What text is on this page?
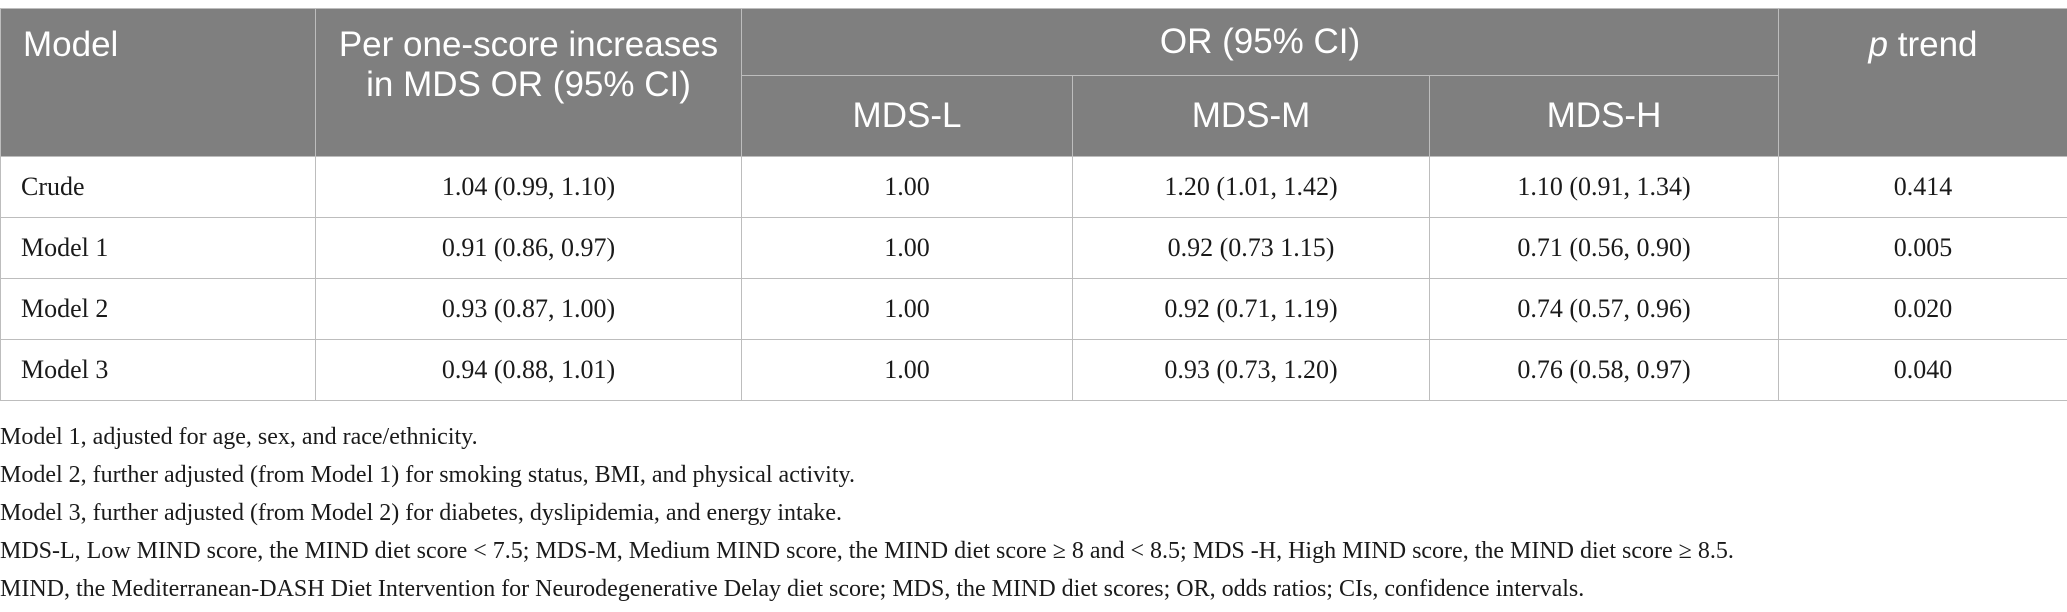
Model	Per one-score increases in MDS OR (95% CI)	OR (95% CI)			p trend
		MDS-L	MDS-M	MDS-H	
Crude	1.04 (0.99, 1.10)	1.00	1.20 (1.01, 1.42)	1.10 (0.91, 1.34)	0.414
Model 1	0.91 (0.86, 0.97)	1.00	0.92 (0.73 1.15)	0.71 (0.56, 0.90)	0.005
Model 2	0.93 (0.87, 1.00)	1.00	0.92 (0.71, 1.19)	0.74 (0.57, 0.96)	0.020
Model 3	0.94 (0.88, 1.01)	1.00	0.93 (0.73, 1.20)	0.76 (0.58, 0.97)	0.040
Model 1, adjusted for age, sex, and race/ethnicity.
Model 2, further adjusted (from Model 1) for smoking status, BMI, and physical activity.
Model 3, further adjusted (from Model 2) for diabetes, dyslipidemia, and energy intake.
MDS-L, Low MIND score, the MIND diet score < 7.5; MDS-M, Medium MIND score, the MIND diet score ≥ 8 and < 8.5; MDS -H, High MIND score, the MIND diet score ≥ 8.5.
MIND, the Mediterranean-DASH Diet Intervention for Neurodegenerative Delay diet score; MDS, the MIND diet scores; OR, odds ratios; CIs, confidence intervals.
